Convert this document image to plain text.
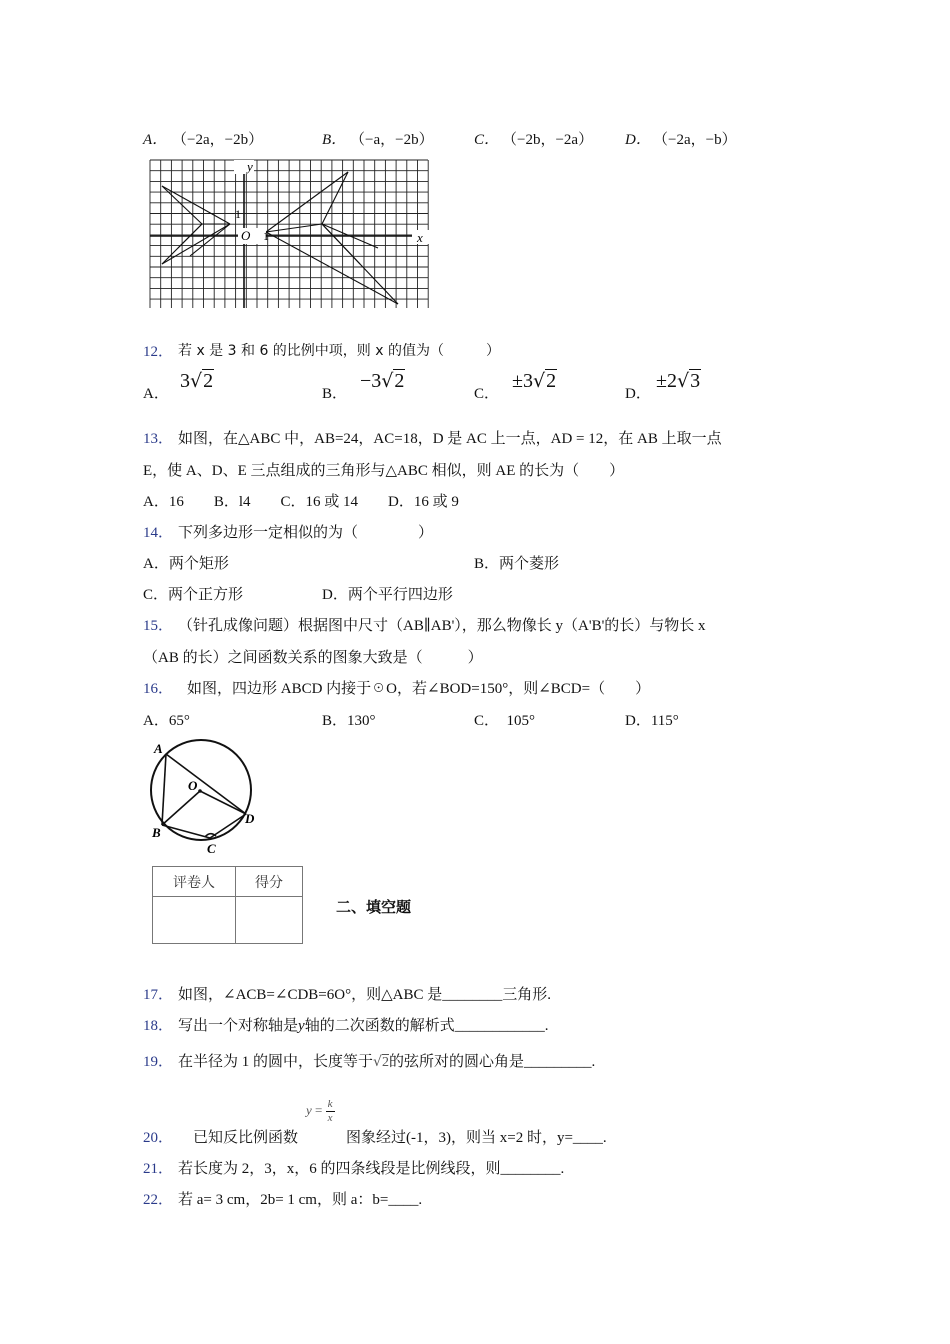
A． （−2a，−2b）	B． （−a，−2b）	C． （−2b，−2a） D． （−2a，−b）
y
O 1
1
x
12． 若 x 是 3 和 6 的比例中项，则 x 的值为（　　　）
A．
3√2
B．
−3√2
C．
±3√2
D．
±2√3
13． 如图，在△ABC 中，AB=24，AC=18，D 是 AC 上一点，AD = 12，在 AB 上取一点
E，使 A、D、E 三点组成的三角形与△ABC 相似，则 AE 的长为（　　）
A．16　　B．l4　　C．16 或 14　　D．16 或 9
14． 下列多边形一定相似的为（　　　　）
A．两个矩形	B．两个菱形
C．两个正方形	D．两个平行四边形
15． （针孔成像问题）根据图中尺寸（AB∥AB'），那么物像长 y（A'B'的长）与物长 x
（AB 的长）之间函数关系的图象大致是（　　　）
16．
　如图，四边形 ABCD 内接于☉O，若∠BOD=150°，则∠BCD=（　　）
A．65°	B．130°	C．　105°	D．115°
A
O
B
D
C
评卷人	得分

二、填空题
17． 如图，∠ACB=∠CDB=6O°，则△ABC 是________三角形.
18． 写出一个对称轴是y轴的二次函数的解析式____________.
19． 在半径为 1 的圆中，长度等于√2的弦所对的圆心角是_________.
$y = \frac{k}{x}$
20． 　已知反比例函数	图象经过(-1，3)，则当 x=2 时，y=____.
21． 若长度为 2，3，x，6 的四条线段是比例线段，则________.
22． 若 a= 3 cm，2b= 1 cm，则 a：b=____.
